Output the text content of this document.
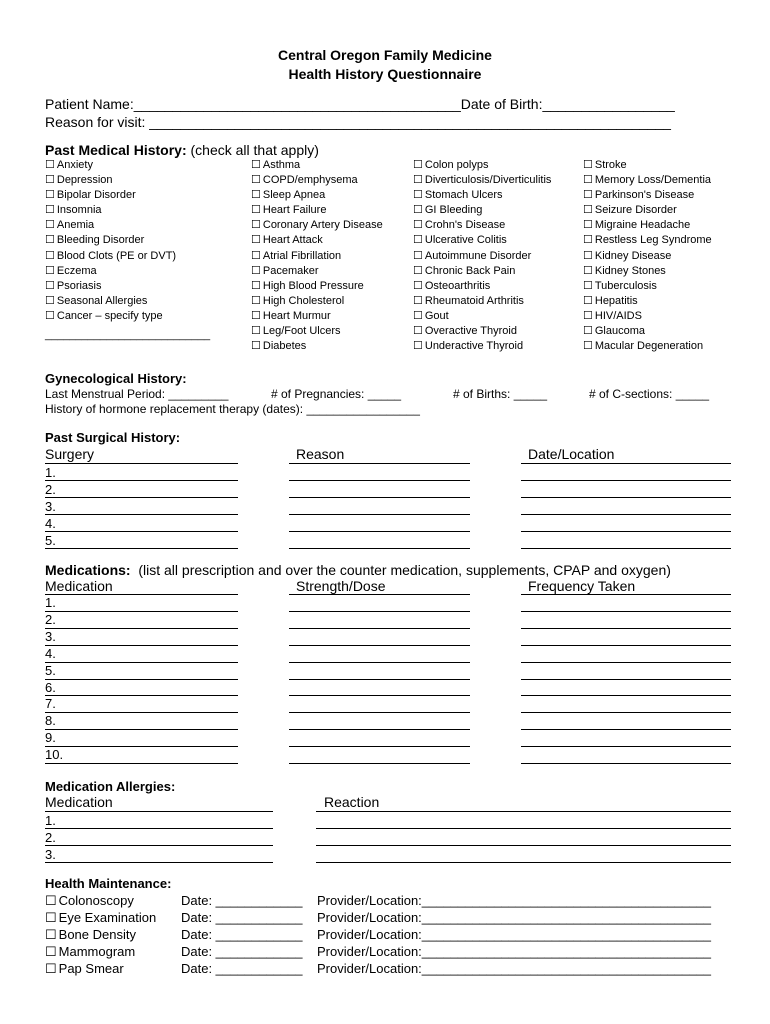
Central Oregon Family Medicine
Health History Questionnaire
Patient Name:__________________________________________Date of Birth:_________________
Reason for visit: ___________________________________________________________________
Past Medical History: (check all that apply)
☐ Anxiety
☐ Depression
☐ Bipolar Disorder
☐ Insomnia
☐ Anemia
☐ Bleeding Disorder
☐ Blood Clots (PE or DVT)
☐ Eczema
☐ Psoriasis
☐ Seasonal Allergies
☐ Cancer – specify type
___________________________
☐ Asthma
☐ COPD/emphysema
☐ Sleep Apnea
☐ Heart Failure
☐ Coronary Artery Disease
☐ Heart Attack
☐ Atrial Fibrillation
☐ Pacemaker
☐ High Blood Pressure
☐ High Cholesterol
☐ Heart Murmur
☐ Leg/Foot Ulcers
☐ Diabetes
☐ Colon polyps
☐ Diverticulosis/Diverticulitis
☐ Stomach Ulcers
☐ GI Bleeding
☐ Crohn's Disease
☐ Ulcerative Colitis
☐ Autoimmune Disorder
☐ Chronic Back Pain
☐ Osteoarthritis
☐ Rheumatoid Arthritis
☐ Gout
☐ Overactive Thyroid
☐ Underactive Thyroid
☐ Stroke
☐ Memory Loss/Dementia
☐ Parkinson's Disease
☐ Seizure Disorder
☐ Migraine Headache
☐ Restless Leg Syndrome
☐ Kidney Disease
☐ Kidney Stones
☐ Tuberculosis
☐ Hepatitis
☐ HIV/AIDS
☐ Glaucoma
☐ Macular Degeneration
Gynecological History:
Last Menstrual Period: _________	# of Pregnancies: _____	# of Births: _____	# of C-sections: _____
History of hormone replacement therapy (dates): _________________
Past Surgical History:
Surgery	Reason	Date/Location
1.
2.
3.
4.
5.
Medications: (list all prescription and over the counter medication, supplements, CPAP and oxygen)
Medication	Strength/Dose	Frequency Taken
1.
2.
3.
4.
5.
6.
7.
8.
9.
10.
Medication Allergies:
Medication	Reaction
1.
2.
3.
Health Maintenance:
☐ Colonoscopy	Date: ____________ Provider/Location:________________________________________
☐ Eye Examination Date: ____________ Provider/Location:________________________________________
☐ Bone Density	Date: ____________ Provider/Location:________________________________________
☐ Mammogram	Date: ____________ Provider/Location:________________________________________
☐ Pap Smear	Date: ____________ Provider/Location:________________________________________
